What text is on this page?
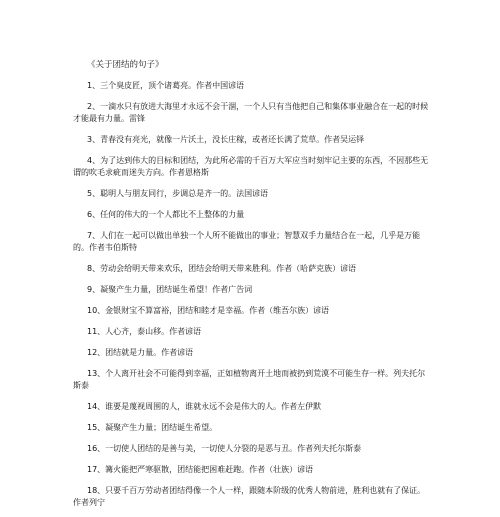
《关于团结的句子》
1、三个臭皮匠，顶个诸葛亮。作者中国谚语
2、一滴水只有放进大海里才永远不会干涸，一个人只有当他把自己和集体事业融合在一起的时候才能最有力量。雷锋
3、青春没有亮光，就像一片沃土，没长庄稼，或者还长满了荒草。作者吴运铎
4、为了达到伟大的目标和团结，为此所必需的千百万大军应当时刻牢记主要的东西，不因那些无谓的吹毛求疵而迷失方向。作者恩格斯
5、聪明人与朋友同行，步调总是齐一的。法国谚语
6、任何的伟大的一个人都比不上整体的力量
7、人们在一起可以做出单独一个人所不能做出的事业；智慧双手力量结合在一起，几乎是万能的。作者韦伯斯特
8、劳动会给明天带来欢乐，团结会给明天带来胜利。作者（哈萨克族）谚语
9、凝聚产生力量，团结诞生希望！作者广告词
10、金银财宝不算富裕，团结和睦才是幸福。作者（维吾尔族）谚语
11、人心齐，泰山移。作者谚语
12、团结就是力量。作者谚语
13、个人离开社会不可能得到幸福，正如植物离开土地而被扔到荒漠不可能生存一样。列夫托尔斯泰
14、谁要是蔑视周围的人，谁就永远不会是伟大的人。作者左伊默
15、凝聚产生力量；团结诞生希望。
16、一切使人团结的是善与美，一切使人分裂的是恶与丑。作者列夫托尔斯泰
17、篝火能把严寒驱散，团结能把困难赶跑。作者（壮族）谚语
18、只要千百万劳动者团结得像一个人一样，跟随本阶级的优秀人物前进，胜利也就有了保证。作者列宁
